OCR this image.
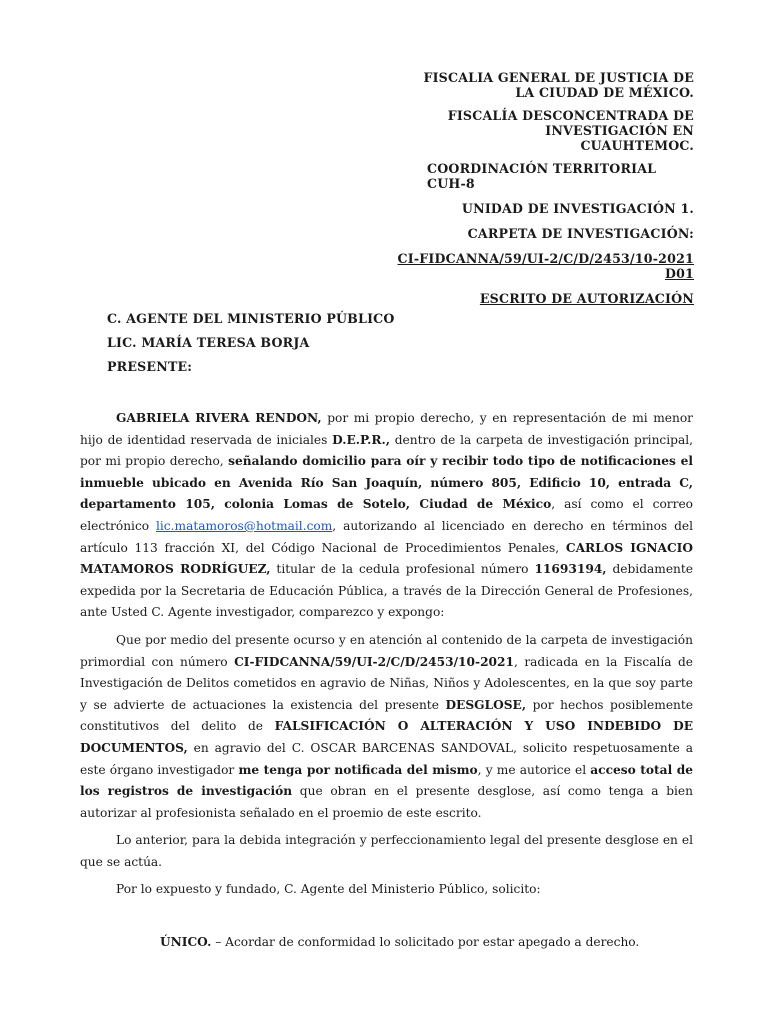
FISCALIA GENERAL DE JUSTICIA DE
LA CIUDAD DE MÉXICO.
FISCALÍA DESCONCENTRADA DE
INVESTIGACIÓN EN
CUAUHTEMOC.
COORDINACIÓN TERRITORIAL
CUH-8
UNIDAD DE INVESTIGACIÓN 1.
CARPETA DE INVESTIGACIÓN:
CI-FIDCANNA/59/UI-2/C/D/2453/10-2021 D01
ESCRITO DE AUTORIZACIÓN
C. AGENTE DEL MINISTERIO PÚBLICO
LIC. MARÍA TERESA BORJA
PRESENTE:

GABRIELA RIVERA RENDON, por mi propio derecho, y en representación de mi menor hijo de identidad reservada de iniciales D.E.P.R., dentro de la carpeta de investigación principal, por mi propio derecho, señalando domicilio para oír y recibir todo tipo de notificaciones el inmueble ubicado en Avenida Río San Joaquín, número 805, Edificio 10, entrada C, departamento 105, colonia Lomas de Sotelo, Ciudad de México, así como el correo electrónico lic.matamoros@hotmail.com, autorizando al licenciado en derecho en términos del artículo 113 fracción XI, del Código Nacional de Procedimientos Penales, CARLOS IGNACIO MATAMOROS RODRÍGUEZ, titular de la cedula profesional número 11693194, debidamente expedida por la Secretaria de Educación Pública, a través de la Dirección General de Profesiones, ante Usted C. Agente investigador, comparezco y expongo:

Que por medio del presente ocurso y en atención al contenido de la carpeta de investigación primordial con número CI-FIDCANNA/59/UI-2/C/D/2453/10-2021, radicada en la Fiscalía de Investigación de Delitos cometidos en agravio de Niñas, Niños y Adolescentes, en la que soy parte y se advierte de actuaciones la existencia del presente DESGLOSE, por hechos posiblemente constitutivos del delito de FALSIFICACIÓN O ALTERACIÓN Y USO INDEBIDO DE DOCUMENTOS, en agravio del C. OSCAR BARCENAS SANDOVAL, solicito respetuosamente a este órgano investigador me tenga por notificada del mismo, y me autorice el acceso total de los registros de investigación que obran en el presente desglose, así como tenga a bien autorizar al profesionista señalado en el proemio de este escrito.

Lo anterior, para la debida integración y perfeccionamiento legal del presente desglose en el que se actúa.

Por lo expuesto y fundado, C. Agente del Ministerio Público, solicito:

ÚNICO. – Acordar de conformidad lo solicitado por estar apegado a derecho.
